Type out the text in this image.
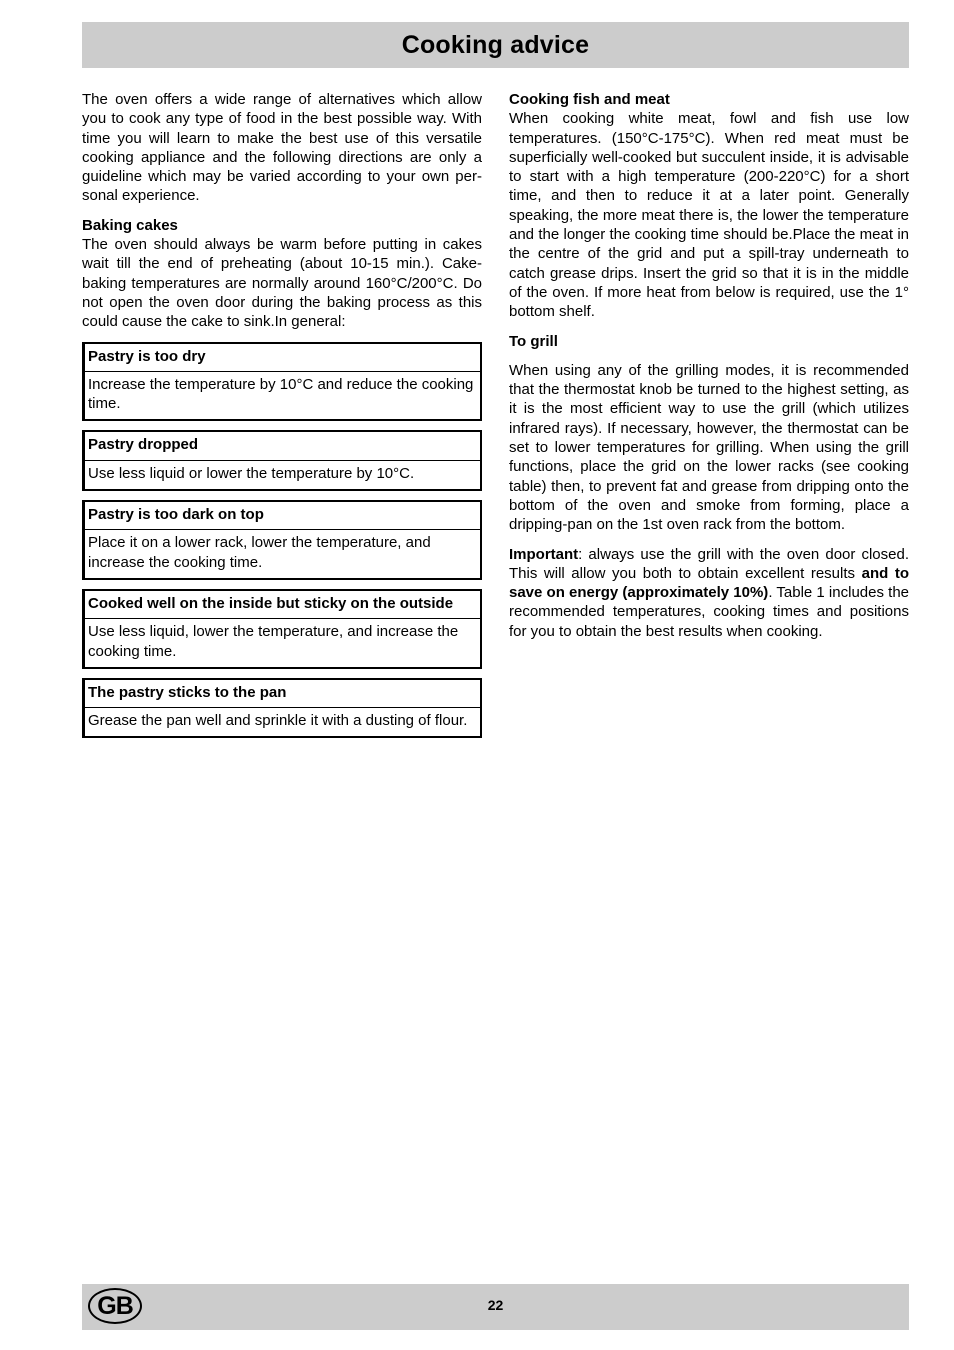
Cooking advice

The oven offers a wide range of alternatives which allow you to cook any type of food in the best possible way. With time you will learn to make the best use of this versatile cooking appliance and the following directions are only a guideline which may be varied according to your own per-sonal experience.

Baking cakes

The oven should always be warm before putting in cakes wait till the end of preheating (about 10-15 min.). Cake-baking temperatures are normally around 160°C/200°C. Do not open the oven door during the baking process as this could cause the cake to sink.In general:

Pastry is too dry
Increase the temperature by 10°C and reduce the cooking time.
Pastry dropped
Use less liquid or lower the temperature by 10°C.
Pastry is too dark on top
Place it on a lower rack, lower the temperature, and increase the cooking time.
Cooked well on the inside but sticky on the outside
Use less liquid, lower the temperature, and increase the cooking time.
The pastry sticks to the pan
Grease the pan well and sprinkle it with a dusting of flour.
Cooking fish and meat

When cooking white meat, fowl and fish use low temperatures. (150°C-175°C). When red meat must be superficially well-cooked but succulent inside, it is advisable to start with a high temperature (200-220°C) for a short time, and then to reduce it at a later point. Generally speaking, the more meat there is, the lower the temperature and the longer the cooking time should be.Place the meat in the centre of the grid and put a spill-tray underneath to catch grease drips. Insert the grid so that it is in the middle of the oven. If more heat from below is required, use the 1° bottom shelf.

To grill

When using any of the grilling modes, it is recommended that the thermostat knob be turned to the highest setting, as it is the most efficient way to use the grill (which utilizes infrared rays). If necessary, however, the thermostat can be set to lower temperatures for grilling. When using the grill functions, place the grid on the lower racks (see cooking table) then, to prevent fat and grease from dripping onto the bottom of the oven and smoke from forming, place a dripping-pan on the 1st oven rack from the bottom.

Important: always use the grill with the oven door closed. This will allow you both to obtain excellent results and to save on energy (approximately 10%). Table 1 includes the recommended temperatures, cooking times and positions for you to obtain the best results when cooking.

GB	22
